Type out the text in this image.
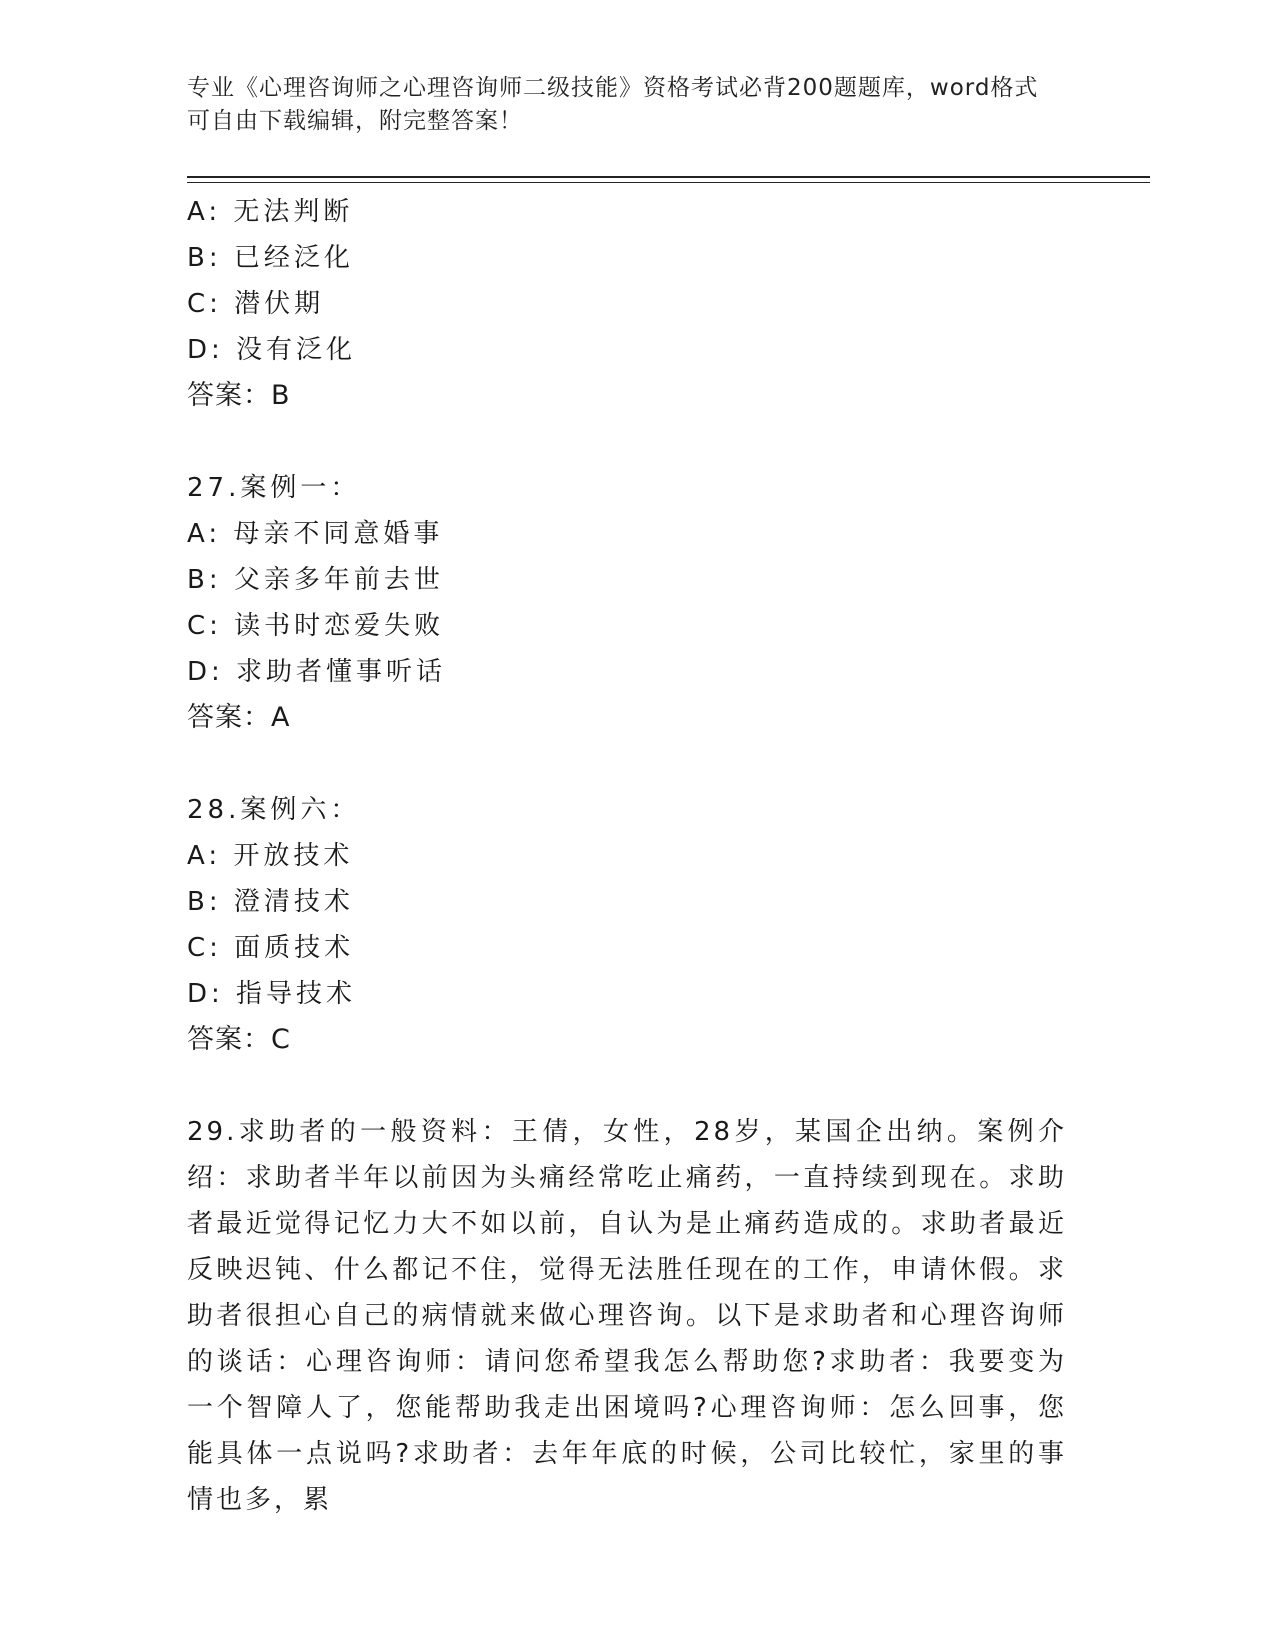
专业《心理咨询师之心理咨询师二级技能》资格考试必背200题题库，word格式
可自由下载编辑，附完整答案！
A: 无法判断
B: 已经泛化
C: 潜伏期
D: 没有泛化
答案：B
27.案例一：
A: 母亲不同意婚事
B: 父亲多年前去世
C: 读书时恋爱失败
D: 求助者懂事听话
答案：A
28.案例六：
A: 开放技术
B: 澄清技术
C: 面质技术
D: 指导技术
答案：C
29.求助者的一般资料：王倩，女性，28岁，某国企出纳。案例介绍：求助者半年以前因为头痛经常吃止痛药，一直持续到现在。求助者最近觉得记忆力大不如以前，自认为是止痛药造成的。求助者最近反映迟钝、什么都记不住，觉得无法胜任现在的工作，申请休假。求助者很担心自己的病情就来做心理咨询。以下是求助者和心理咨询师的谈话：心理咨询师：请问您希望我怎么帮助您?求助者：我要变为一个智障人了，您能帮助我走出困境吗?心理咨询师：怎么回事，您能具体一点说吗?求助者：去年年底的时候，公司比较忙，家里的事情也多，累
